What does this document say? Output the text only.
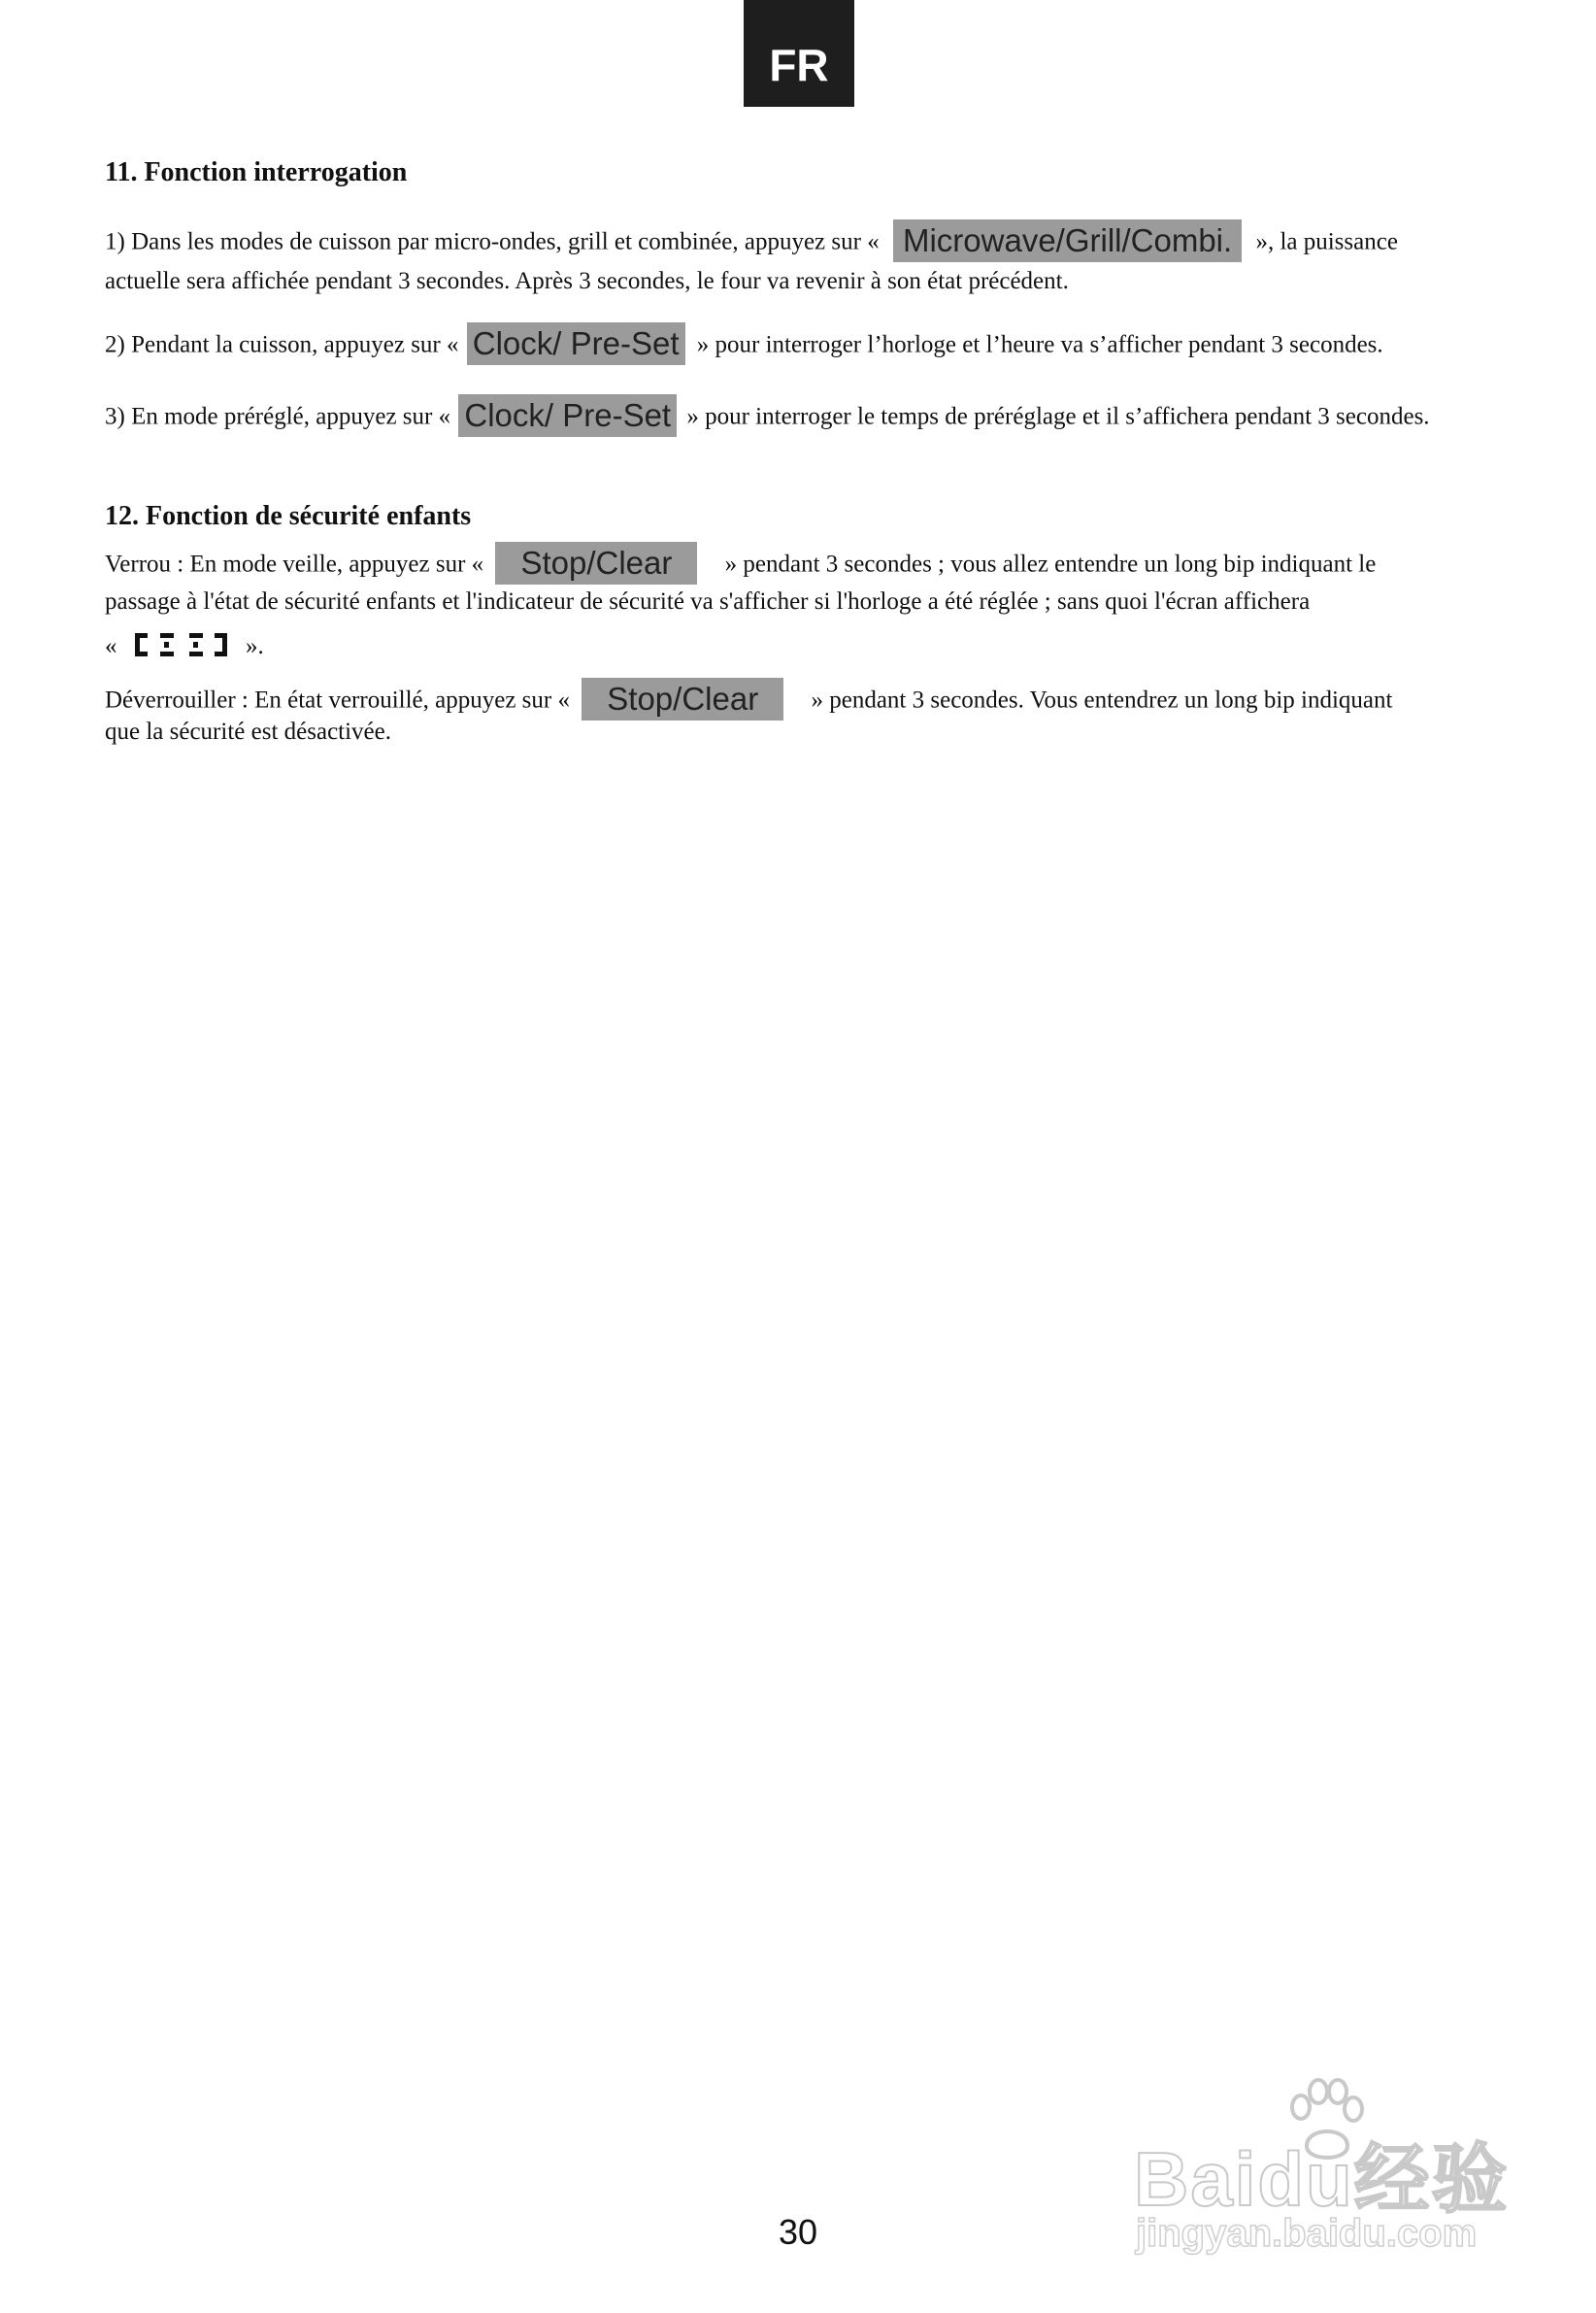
FR
11. Fonction interrogation
1) Dans les modes de cuisson par micro-ondes, grill et combinée, appuyez sur « Microwave/Grill/Combi. », la puissance
actuelle sera affichée pendant 3 secondes. Après 3 secondes, le four va revenir à son état précédent.
2) Pendant la cuisson, appuyez sur « Clock/ Pre-Set » pour interroger l’horloge et l’heure va s’afficher pendant 3 secondes.
3) En mode préréglé, appuyez sur « Clock/ Pre-Set » pour interroger le temps de préréglage et il s’affichera pendant 3 secondes.
12. Fonction de sécurité enfants
Verrou : En mode veille, appuyez sur « Stop/Clear » pendant 3 secondes ; vous allez entendre un long bip indiquant le
passage à l'état de sécurité enfants et l'indicateur de sécurité va s'afficher si l'horloge a été réglée ; sans quoi l'écran affichera
«	».
Déverrouiller : En état verrouillé, appuyez sur « Stop/Clear » pendant 3 secondes. Vous entendrez un long bip indiquant
que la sécurité est désactivée.
30
Baidu经验
jingyan.baidu.com
